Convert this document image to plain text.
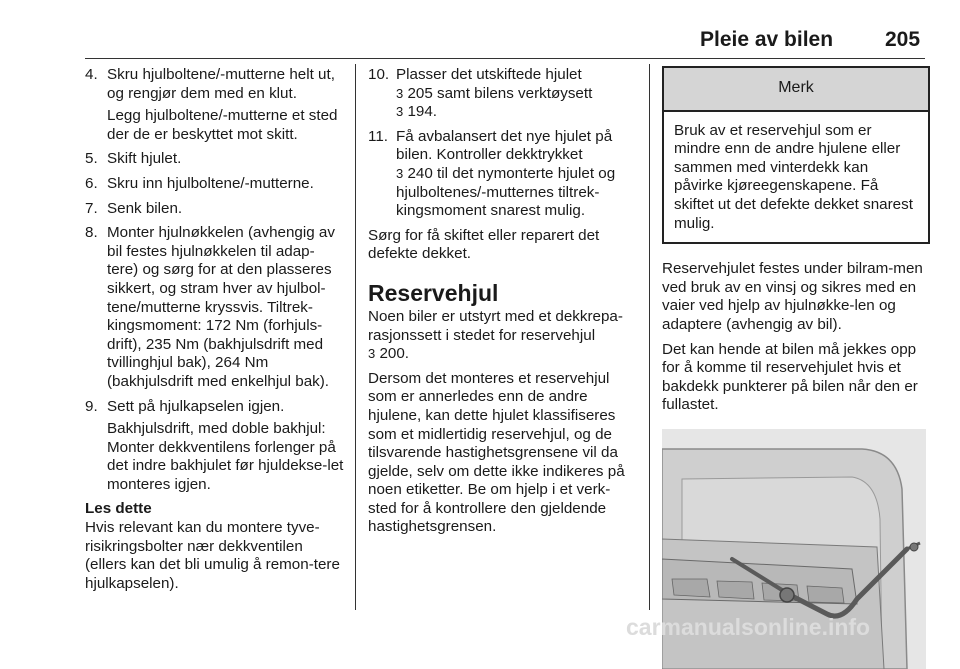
Pleie av bilen 205
4. Skru hjulboltene/-mutterne helt ut, og rengjør dem med en klut.
Legg hjulboltene/-mutterne et sted der de er beskyttet mot skitt.
5. Skift hjulet.
6. Skru inn hjulboltene/-mutterne.
7. Senk bilen.
8. Monter hjulnøkkelen (avhengig av bil festes hjulnøkkelen til adap-tere) og sørg for at den plasseres sikkert, og stram hver av hjulbol-tene/mutterne kryssvis. Tiltrek-kingsmoment: 172 Nm (forhjuls-drift), 235 Nm (bakhjulsdrift med tvillinghjul bak), 264 Nm (bakhjulsdrift med enkelhjul bak).
9. Sett på hjulkapselen igjen.
Bakhjulsdrift, med doble bakhjul: Monter dekkventilens forlenger på det indre bakhjulet før hjuldekse-let monteres igjen.
Les dette
Hvis relevant kan du montere tyve-risikringsbolter nær dekkventilen (ellers kan det bli umulig å remon-tere hjulkapselen).
10. Plasser det utskiftede hjulet
3 205 samt bilens verktøysett
3 194.
11. Få avbalansert det nye hjulet på bilen. Kontroller dekktrykket
3 240 til det nymonterte hjulet og hjulboltenes/-mutternes tiltrek-kingsmoment snarest mulig.
Sørg for få skiftet eller reparert det defekte dekket.
Reservehjul
Noen biler er utstyrt med et dekkrepa-rasjonssett i stedet for reservehjul
3 200.
Dersom det monteres et reservehjul som er annerledes enn de andre hjulene, kan dette hjulet klassifiseres som et midlertidig reservehjul, og de tilsvarende hastighetsgrensene vil da gjelde, selv om dette ikke indikeres på noen etiketter. Be om hjelp i et verk-sted for å kontrollere den gjeldende hastighetsgrensen.
Merk
Bruk av et reservehjul som er mindre enn de andre hjulene eller sammen med vinterdekk kan påvirke kjøreegenskapene. Få skiftet ut det defekte dekket snarest mulig.
Reservehjulet festes under bilram-men ved bruk av en vinsj og sikres med en vaier ved hjelp av hjulnøkke-len og adaptere (avhengig av bil).
Det kan hende at bilen må jekkes opp for å komme til reservehjulet hvis et bakdekk punkterer på bilen når den er fullastet.
carmanualsonline.info
